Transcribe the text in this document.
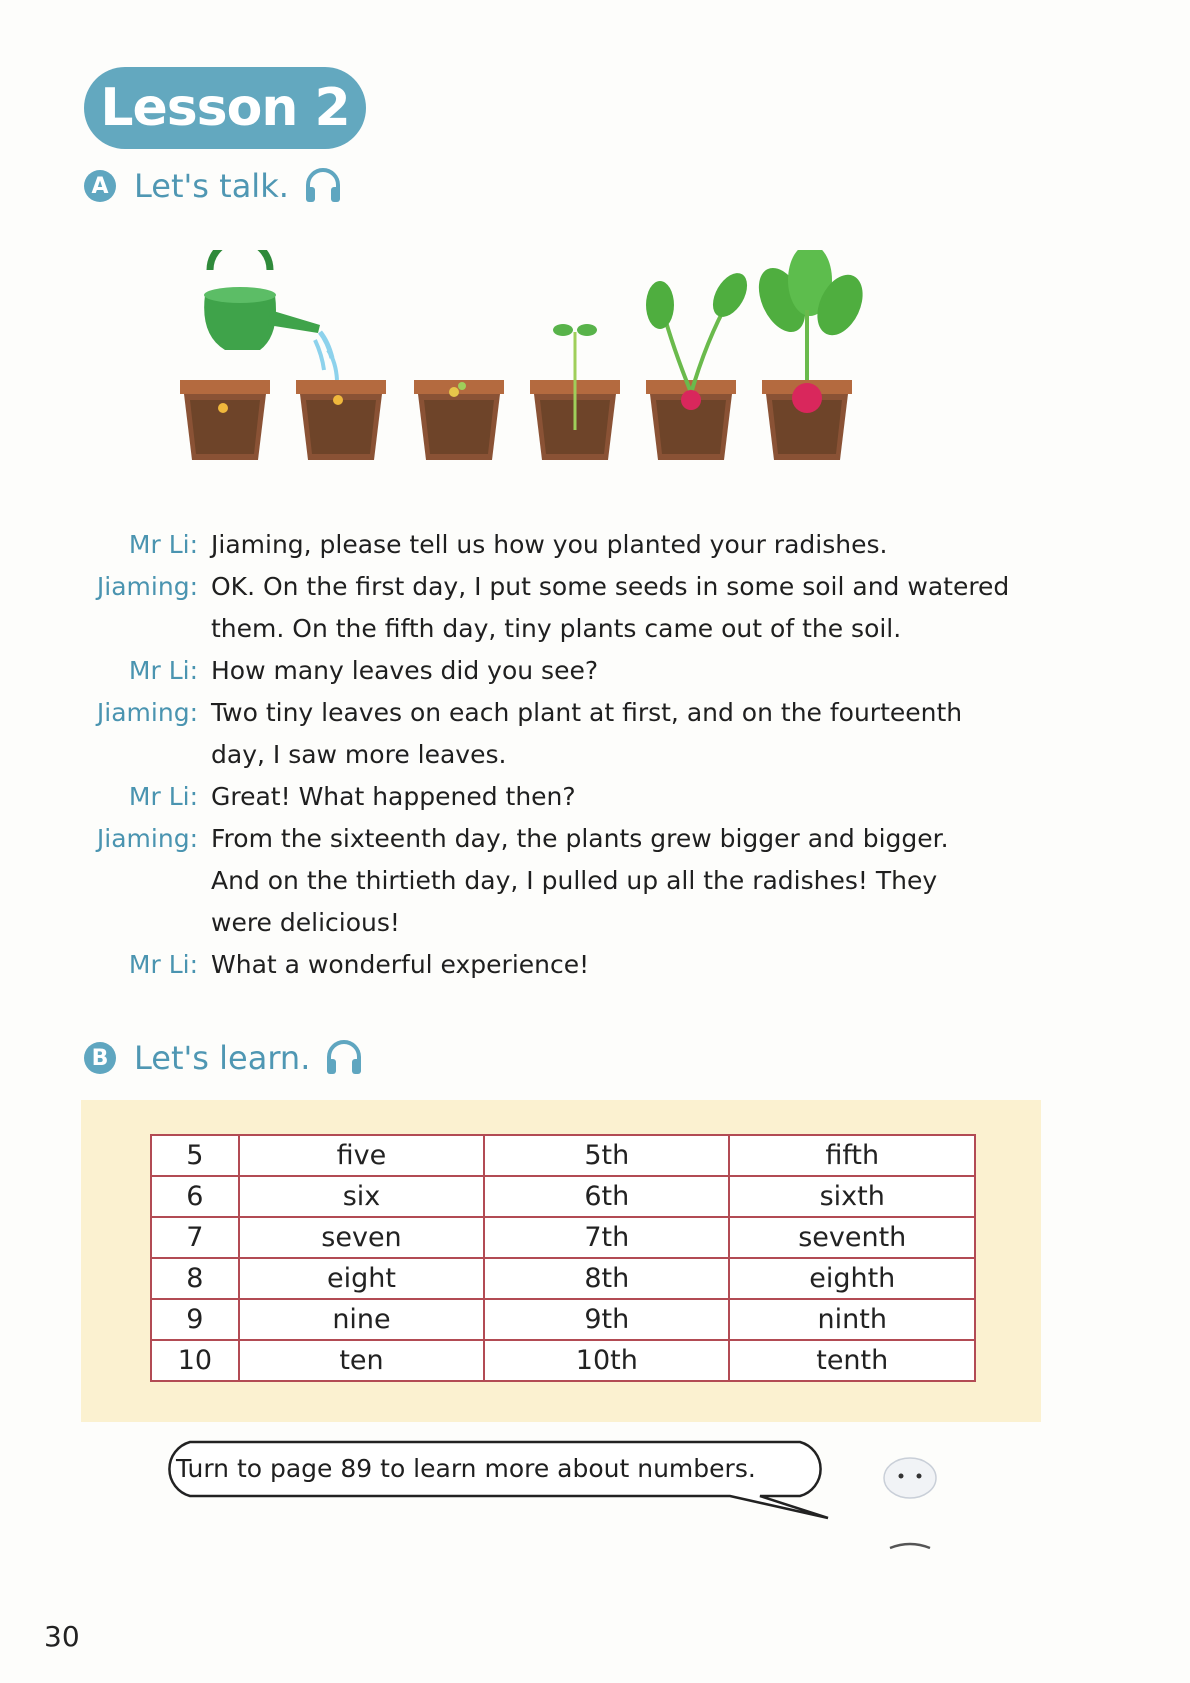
Lesson 2
A Let's talk.
Mr Li: Jiaming, please tell us how you planted your radishes.
Jiaming: OK. On the first day, I put some seeds in some soil and watered
them. On the fifth day, tiny plants came out of the soil.
Mr Li: How many leaves did you see?
Jiaming: Two tiny leaves on each plant at first, and on the fourteenth
day, I saw more leaves.
Mr Li: Great! What happened then?
Jiaming: From the sixteenth day, the plants grew bigger and bigger.
And on the thirtieth day, I pulled up all the radishes! They
were delicious!
Mr Li: What a wonderful experience!
B Let's learn.
5	five	5th	fifth
6	six	6th	sixth
7	seven	7th	seventh
8	eight	8th	eighth
9	nine	9th	ninth
10	ten	10th	tenth
Turn to page 89 to learn more about numbers.
30
